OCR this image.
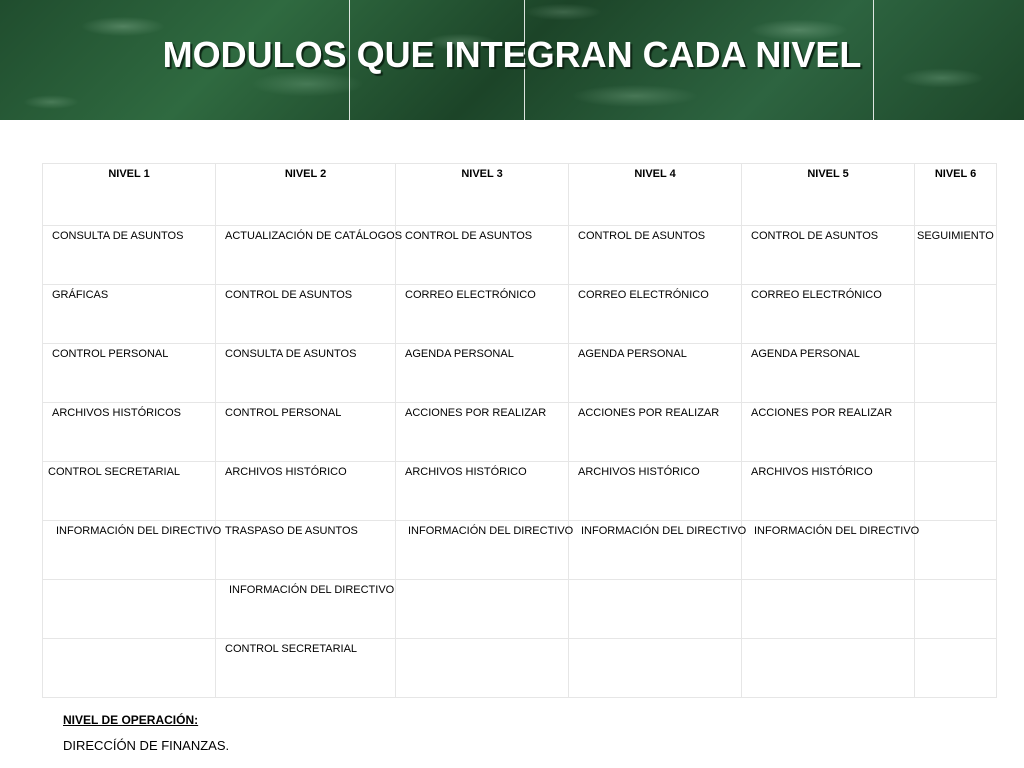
MODULOS QUE INTEGRAN CADA NIVEL
NIVEL 1	NIVEL 2	NIVEL 3	NIVEL 4	NIVEL 5	NIVEL 6
CONSULTA DE ASUNTOS	ACTUALIZACIÓN DE CATÁLOGOS	CONTROL DE ASUNTOS	CONTROL DE ASUNTOS	CONTROL DE ASUNTOS	SEGUIMIENTO
GRÁFICAS	CONTROL DE ASUNTOS	CORREO ELECTRÓNICO	CORREO ELECTRÓNICO	CORREO ELECTRÓNICO	
CONTROL PERSONAL	CONSULTA DE ASUNTOS	AGENDA PERSONAL	AGENDA PERSONAL	AGENDA PERSONAL	
ARCHIVOS HISTÓRICOS	CONTROL PERSONAL	ACCIONES POR REALIZAR	ACCIONES POR REALIZAR	ACCIONES POR REALIZAR	
CONTROL SECRETARIAL	ARCHIVOS HISTÓRICO	ARCHIVOS HISTÓRICO	ARCHIVOS HISTÓRICO	ARCHIVOS HISTÓRICO	
INFORMACIÓN DEL DIRECTIVO	TRASPASO DE ASUNTOS	INFORMACIÓN DEL DIRECTIVO	INFORMACIÓN DEL DIRECTIVO	INFORMACIÓN DEL DIRECTIVO	
	INFORMACIÓN DEL DIRECTIVO				
	CONTROL SECRETARIAL				

NIVEL DE OPERACIÓN:

DIRECCÍÓN DE FINANZAS.
